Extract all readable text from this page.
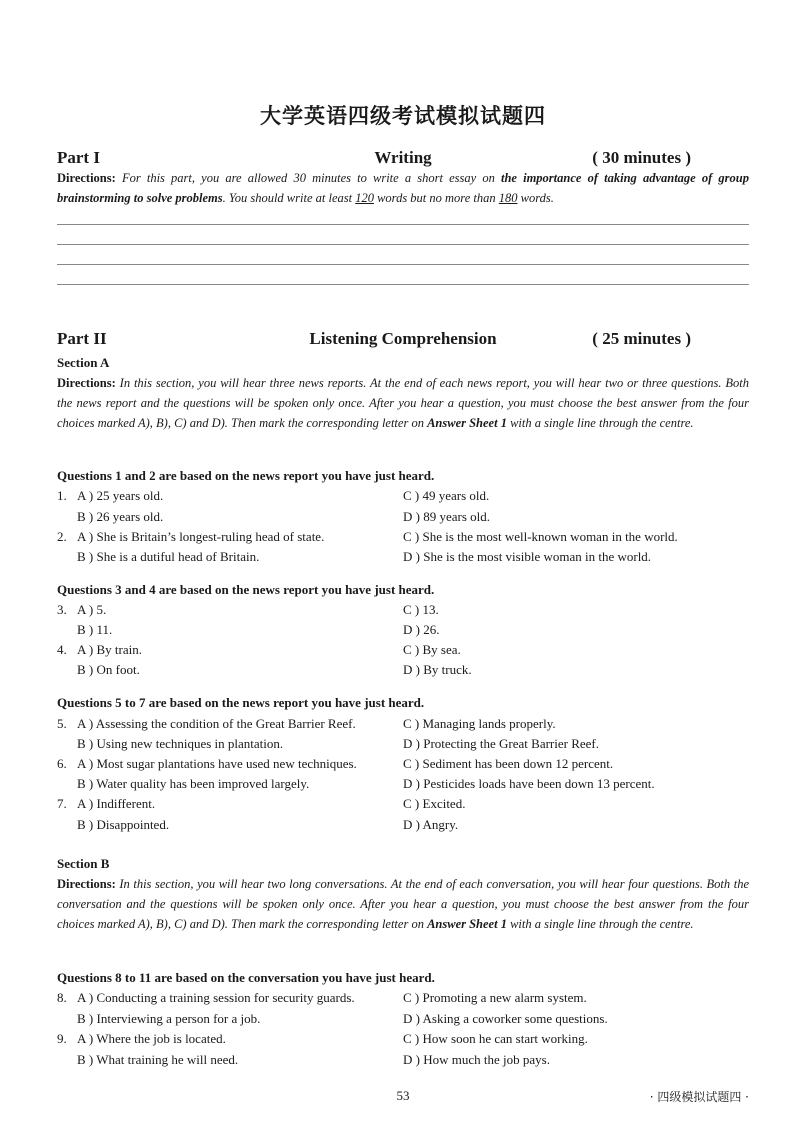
大学英语四级考试模拟试题四
Part I	Writing	( 30 minutes )
Directions: For this part, you are allowed 30 minutes to write a short essay on the importance of taking advantage of group brainstorming to solve problems. You should write at least 120 words but no more than 180 words.
Part II	Listening Comprehension	( 25 minutes )
Section A
Directions: In this section, you will hear three news reports. At the end of each news report, you will hear two or three questions. Both the news report and the questions will be spoken only once. After you hear a question, you must choose the best answer from the four choices marked A), B), C) and D). Then mark the corresponding letter on Answer Sheet 1 with a single line through the centre.
Questions 1 and 2 are based on the news report you have just heard.
1. A ) 25 years old.	C ) 49 years old.
B ) 26 years old.	D ) 89 years old.
2. A ) She is Britain’s longest-ruling head of state.	C ) She is the most well-known woman in the world.
B ) She is a dutiful head of Britain.	D ) She is the most visible woman in the world.
Questions 3 and 4 are based on the news report you have just heard.
3. A ) 5.	C ) 13.
B ) 11.	D ) 26.
4. A ) By train.	C ) By sea.
B ) On foot.	D ) By truck.
Questions 5 to 7 are based on the news report you have just heard.
5. A ) Assessing the condition of the Great Barrier Reef.	C ) Managing lands properly.
B ) Using new techniques in plantation.	D ) Protecting the Great Barrier Reef.
6. A ) Most sugar plantations have used new techniques.	C ) Sediment has been down 12 percent.
B ) Water quality has been improved largely.	D ) Pesticides loads have been down 13 percent.
7. A ) Indifferent.	C ) Excited.
B ) Disappointed.	D ) Angry.
Section B
Directions: In this section, you will hear two long conversations. At the end of each conversation, you will hear four questions. Both the conversation and the questions will be spoken only once. After you hear a question, you must choose the best answer from the four choices marked A), B), C) and D). Then mark the corresponding letter on Answer Sheet 1 with a single line through the centre.
Questions 8 to 11 are based on the conversation you have just heard.
8. A ) Conducting a training session for security guards.	C ) Promoting a new alarm system.
B ) Interviewing a person for a job.	D ) Asking a coworker some questions.
9. A ) Where the job is located.	C ) How soon he can start working.
B ) What training he will need.	D ) How much the job pays.
53	· 四级模拟试题四 ·
